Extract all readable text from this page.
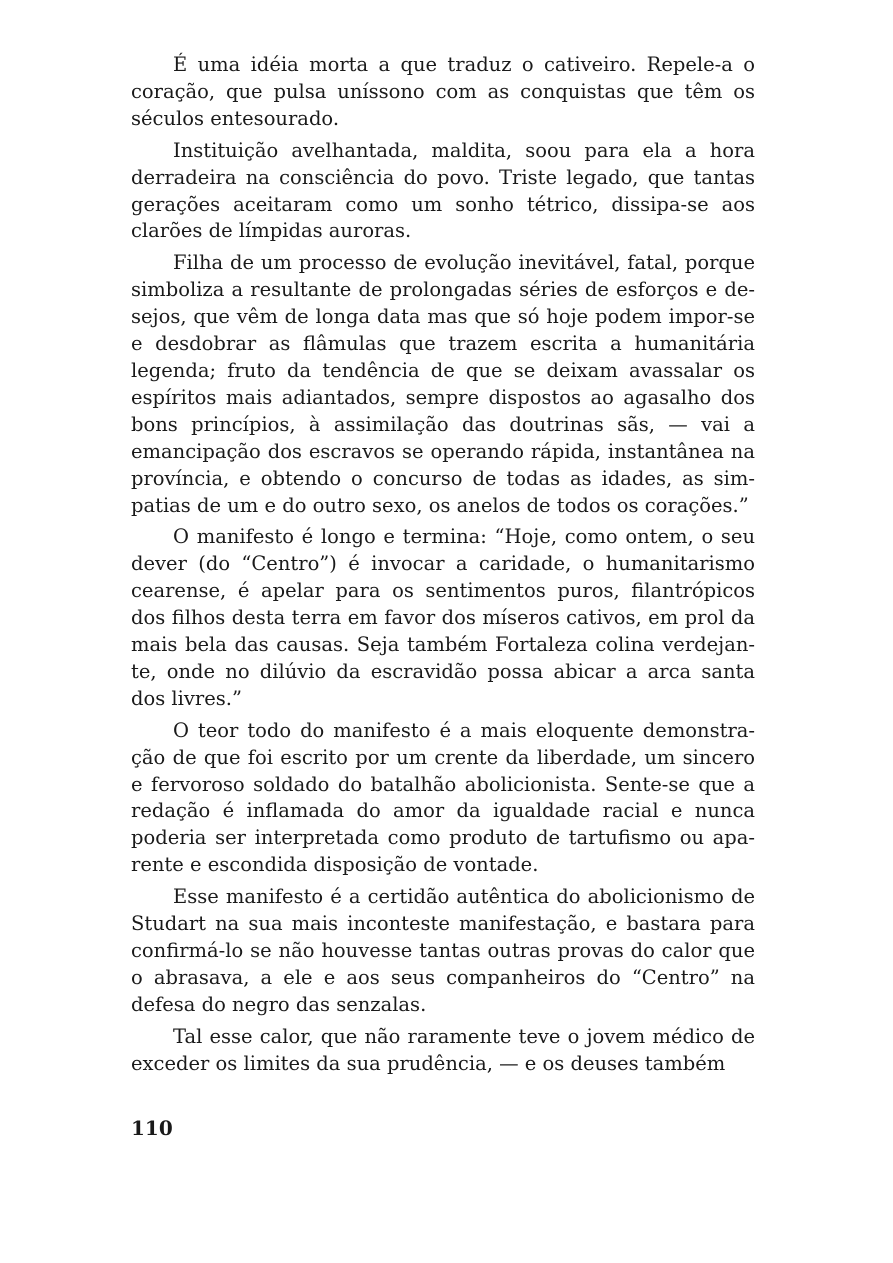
É uma idéia morta a que traduz o cativeiro. Repele-a o coração, que pulsa uníssono com as conquistas que têm os séculos entesourado.

Instituição avelhantada, maldita, soou para ela a hora derradeira na consciência do povo. Triste legado, que tantas gerações aceitaram como um sonho tétrico, dissipa-se aos clarões de límpidas auroras.

Filha de um processo de evolução inevitável, fatal, porque simboliza a resultante de prolongadas séries de esforços e desejos, que vêm de longa data mas que só hoje podem impor-se e desdobrar as flâmulas que trazem escrita a humanitária legenda; fruto da tendência de que se deixam avassalar os espíritos mais adiantados, sempre dispostos ao agasalho dos bons princípios, à assimilação das doutrinas sãs, — vai a emancipação dos escravos se operando rápida, instantânea na província, e obtendo o concurso de todas as idades, as simpatias de um e do outro sexo, os anelos de todos os corações.”

O manifesto é longo e termina: “Hoje, como ontem, o seu dever (do “Centro”) é invocar a caridade, o humanitarismo cearense, é apelar para os sentimentos puros, filantrópicos dos filhos desta terra em favor dos míseros cativos, em prol da mais bela das causas. Seja também Fortaleza colina verdejante, onde no dilúvio da escravidão possa abicar a arca santa dos livres.”

O teor todo do manifesto é a mais eloquente demonstração de que foi escrito por um crente da liberdade, um sincero e fervoroso soldado do batalhão abolicionista. Sente-se que a redação é inflamada do amor da igualdade racial e nunca poderia ser interpretada como produto de tartufismo ou aparente e escondida disposição de vontade.

Esse manifesto é a certidão autêntica do abolicionismo de Studart na sua mais inconteste manifestação, e bastara para confirmá-lo se não houvesse tantas outras provas do calor que o abrasava, a ele e aos seus companheiros do “Centro” na defesa do negro das senzalas.

Tal esse calor, que não raramente teve o jovem médico de exceder os limites da sua prudência, — e os deuses também

110
